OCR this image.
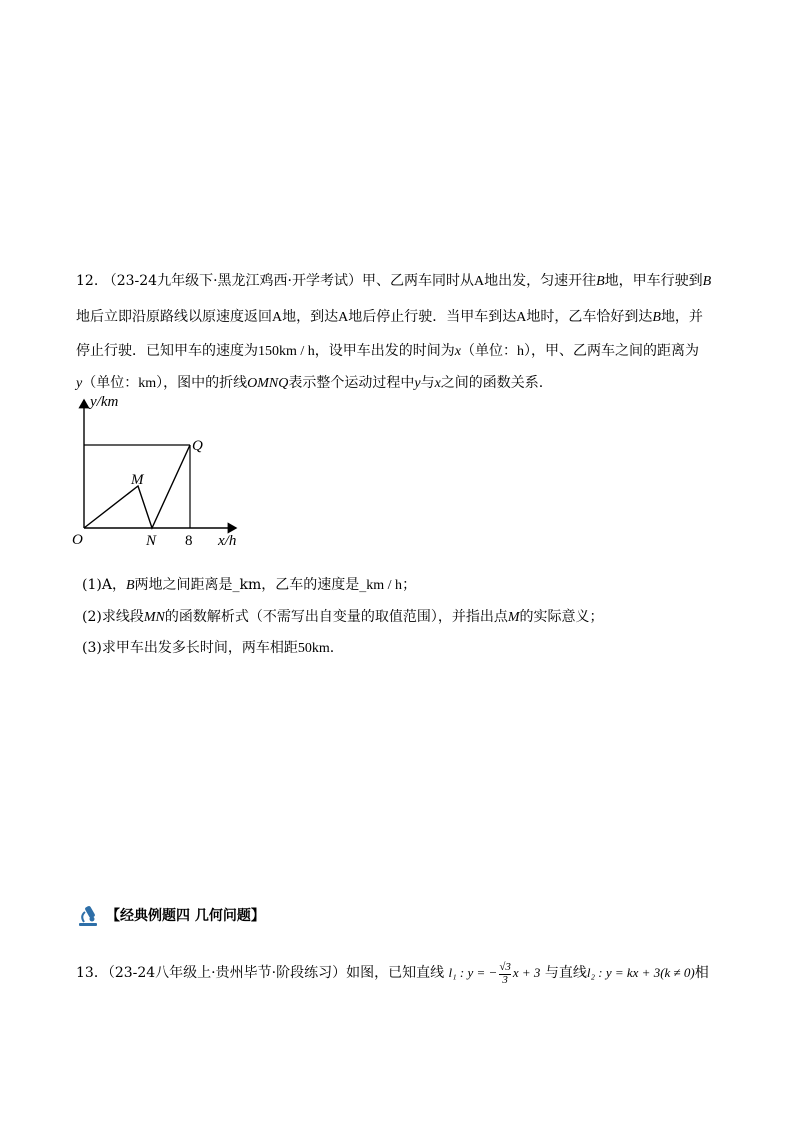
12. （23-24九年级下·黑龙江鸡西·开学考试）甲、乙两车同时从A地出发，匀速开往B地，甲车行驶到B
地后立即沿原路线以原速度返回A地，到达A地后停止行驶．当甲车到达A地时，乙车恰好到达B地，并
停止行驶．已知甲车的速度为150km / h，设甲车出发的时间为x（单位：h），甲、乙两车之间的距离为
y（单位：km），图中的折线OMNQ表示整个运动过程中y与x之间的函数关系.
y/km
x/h
O
M
N
Q
8
(1)A，B两地之间距离是_km，乙车的速度是_km / h；
(2)求线段MN的函数解析式（不需写出自变量的取值范围），并指出点M的实际意义；
(3)求甲车出发多长时间，两车相距50km.
【经典例题四 几何问题】
13．（23-24八年级上·贵州毕节·阶段练习）如图，已知直线 l₁ : y = − $\frac{√3}{3}$ x + 3 与直线l₂ : y = kx + 3(k ≠ 0)相
